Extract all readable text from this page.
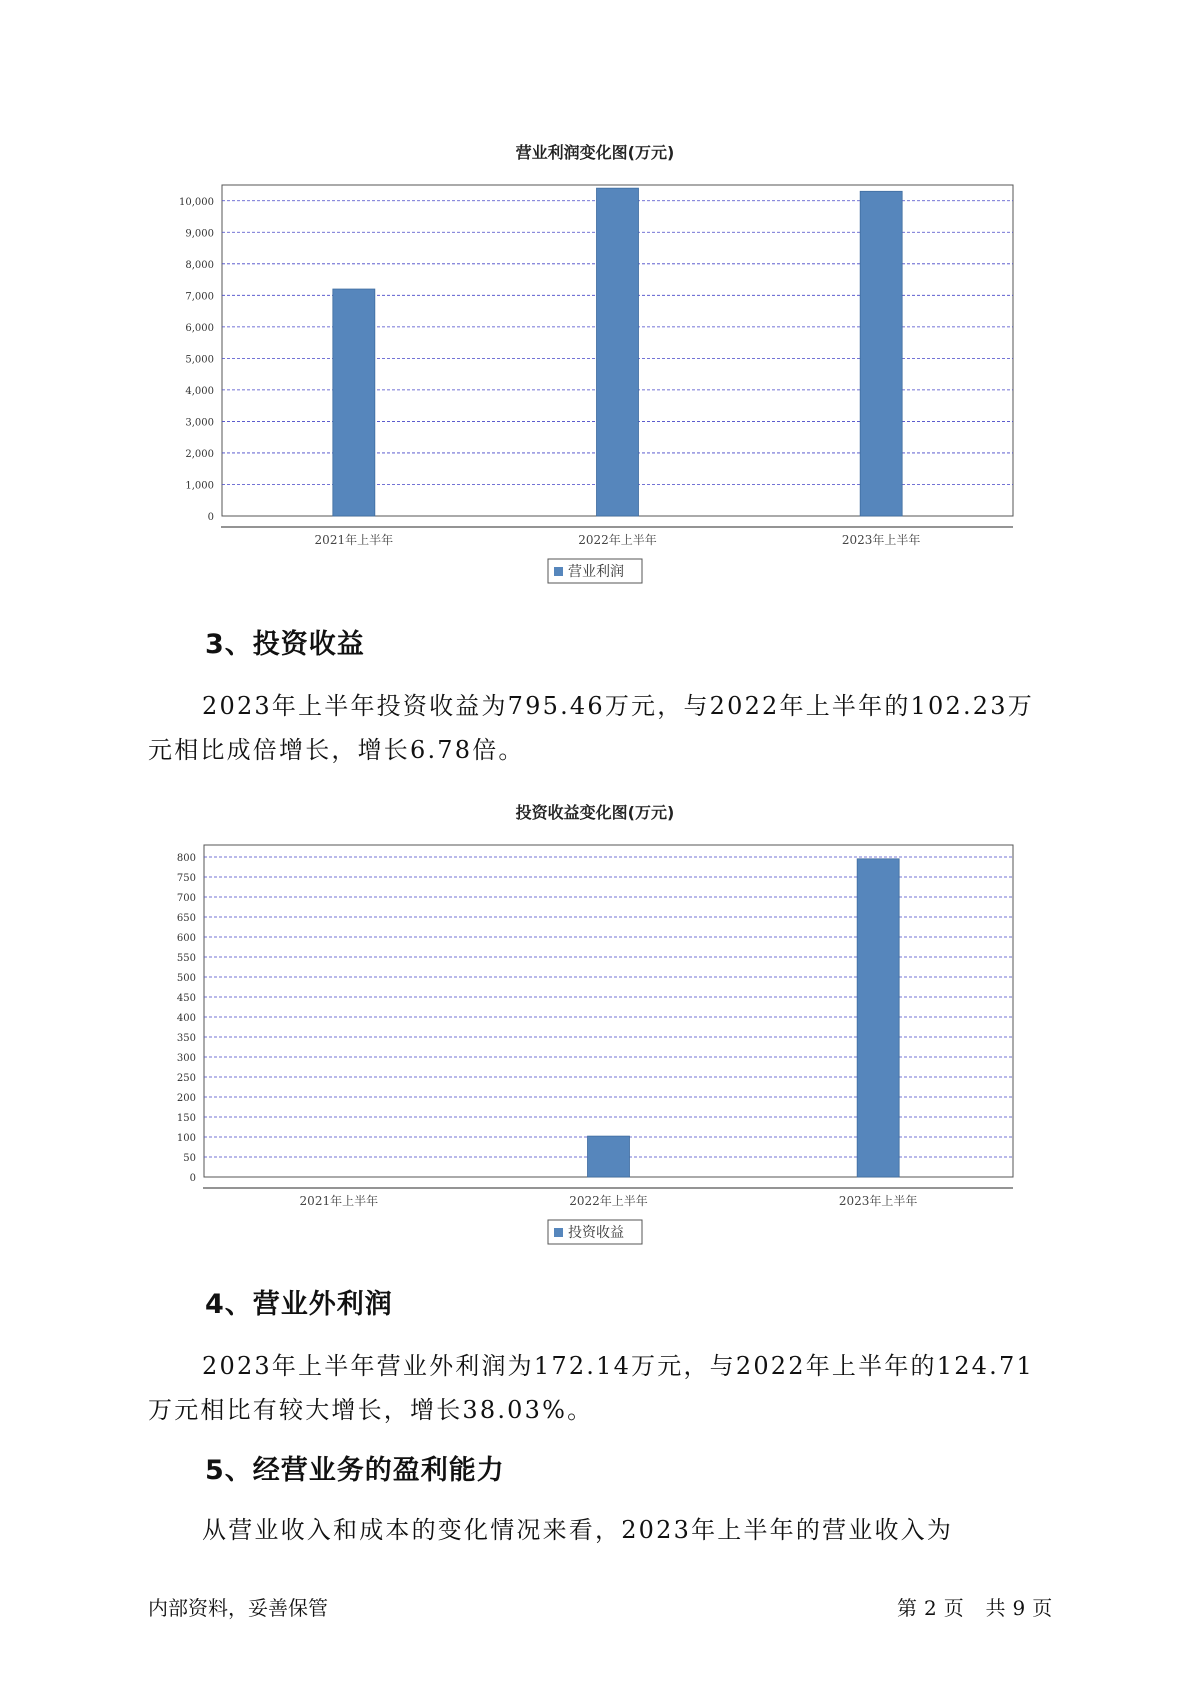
营业利润变化图(万元)
0
1,000
2,000
3,000
4,000
5,000
6,000
7,000
8,000
9,000
10,000
2021年上半年	2022年上半年	2023年上半年
营业利润
3、投资收益

2023年上半年投资收益为795.46万元，与2022年上半年的102.23万元相比成倍增长，增长6.78倍。

投资收益变化图(万元)
0
50
100
150
200
250
300
350
400
450
500
550
600
650
700
750
800
2021年上半年	2022年上半年	2023年上半年
投资收益
4、营业外利润

2023年上半年营业外利润为172.14万元，与2022年上半年的124.71万元相比有较大增长，增长38.03%。

5、经营业务的盈利能力

从营业收入和成本的变化情况来看，2023年上半年的营业收入为

内部资料，妥善保管	第 2 页 共 9 页
